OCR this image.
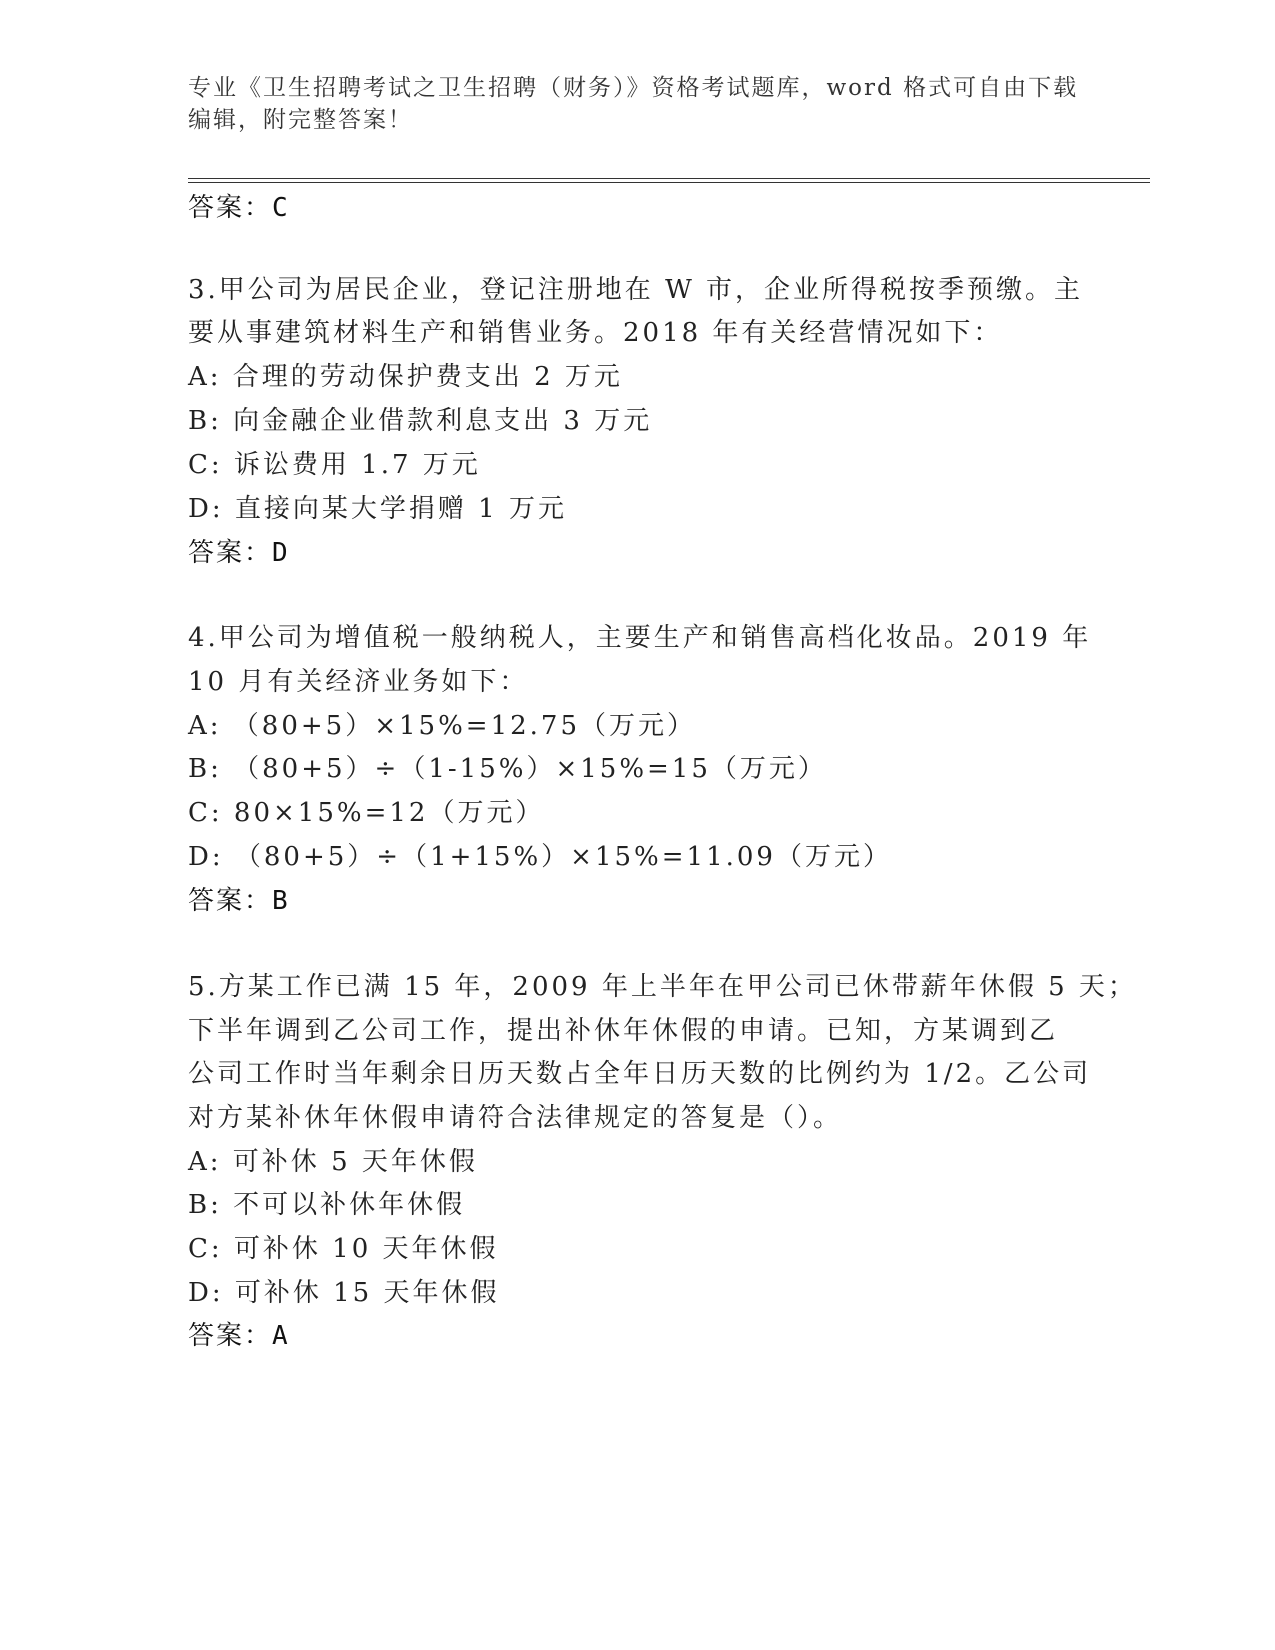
专业《卫生招聘考试之卫生招聘（财务）》资格考试题库，word 格式可自由下载
编辑，附完整答案！
答案：C
3.甲公司为居民企业，登记注册地在 W 市，企业所得税按季预缴。主
要从事建筑材料生产和销售业务。2018 年有关经营情况如下：
A: 合理的劳动保护费支出 2 万元
B: 向金融企业借款利息支出 3 万元
C: 诉讼费用 1.7 万元
D: 直接向某大学捐赠 1 万元
答案：D
4.甲公司为增值税一般纳税人，主要生产和销售高档化妆品。2019 年
10 月有关经济业务如下：
A: （80+5）×15%=12.75（万元）
B: （80+5）÷（1-15%）×15%=15（万元）
C: 80×15%=12（万元）
D: （80+5）÷（1+15%）×15%=11.09（万元）
答案：B
5.方某工作已满 15 年，2009 年上半年在甲公司已休带薪年休假 5 天；
下半年调到乙公司工作，提出补休年休假的申请。已知，方某调到乙
公司工作时当年剩余日历天数占全年日历天数的比例约为 1/2。乙公司
对方某补休年休假申请符合法律规定的答复是（）。
A: 可补休 5 天年休假
B: 不可以补休年休假
C: 可补休 10 天年休假
D: 可补休 15 天年休假
答案：A
